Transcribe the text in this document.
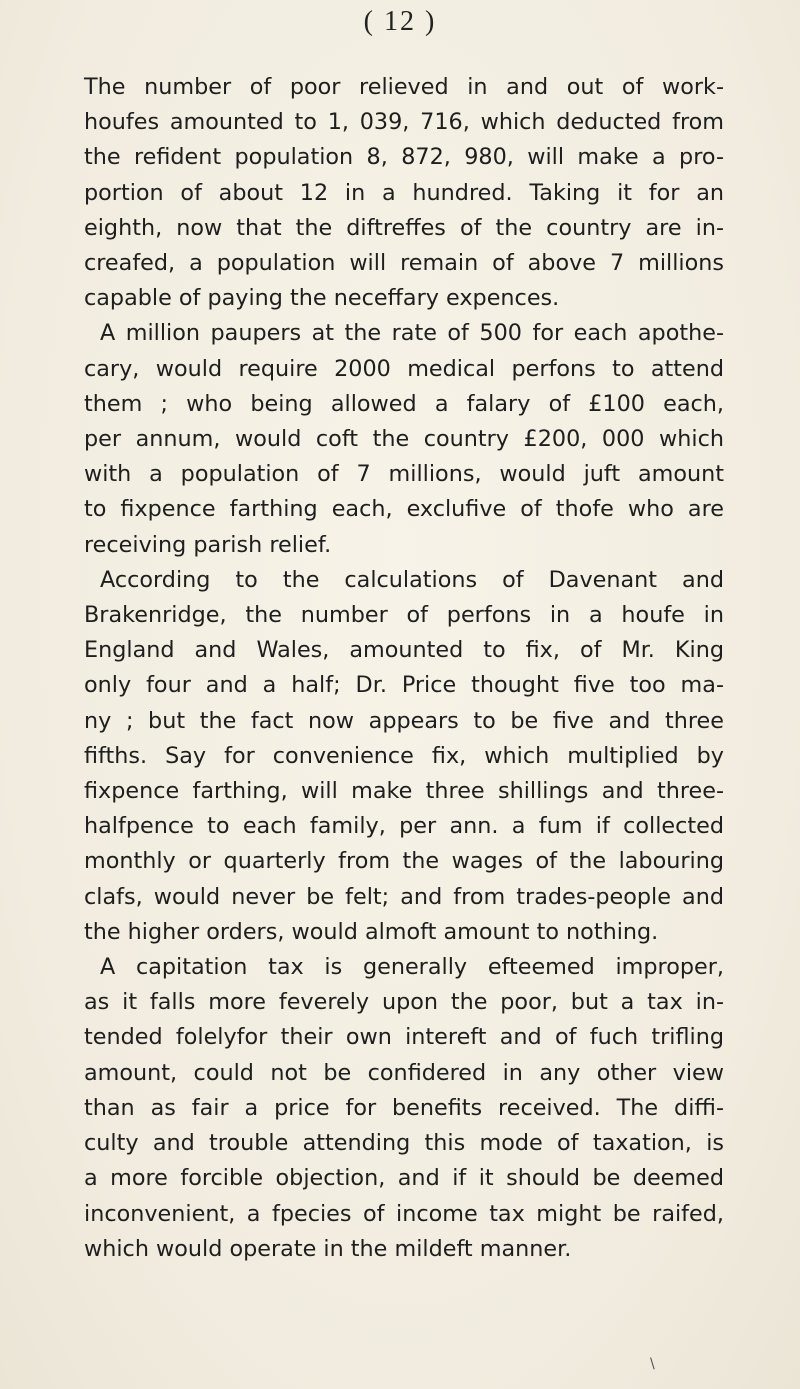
( 12 )
The number of poor relieved in and out of work-
houfes amounted to 1, 039, 716, which deducted from
the refident population 8, 872, 980, will make a pro-
portion of about 12 in a hundred. Taking it for an
eighth, now that the diftreffes of the country are in-
creafed, a population will remain of above 7 millions
capable of paying the neceffary expences.
A million paupers at the rate of 500 for each apothe-
cary, would require 2000 medical perfons to attend
them ; who being allowed a falary of £100 each,
per annum, would coft the country £200, 000 which
with a population of 7 millions, would juft amount
to fixpence farthing each, exclufive of thofe who are
receiving parish relief.
According to the calculations of Davenant and
Brakenridge, the number of perfons in a houfe in
England and Wales, amounted to fix, of Mr. King
only four and a half; Dr. Price thought five too ma-
ny ; but the fact now appears to be five and three
fifths. Say for convenience fix, which multiplied by
fixpence farthing, will make three shillings and three-
halfpence to each family, per ann. a fum if collected
monthly or quarterly from the wages of the labouring
clafs, would never be felt; and from trades-people and
the higher orders, would almoft amount to nothing.
A capitation tax is generally efteemed improper,
as it falls more feverely upon the poor, but a tax in-
tended folelyfor their own intereft and of fuch trifling
amount, could not be confidered in any other view
than as fair a price for benefits received. The diffi-
culty and trouble attending this mode of taxation, is
a more forcible objection, and if it should be deemed
inconvenient, a fpecies of income tax might be raifed,
which would operate in the mildeft manner.
\
